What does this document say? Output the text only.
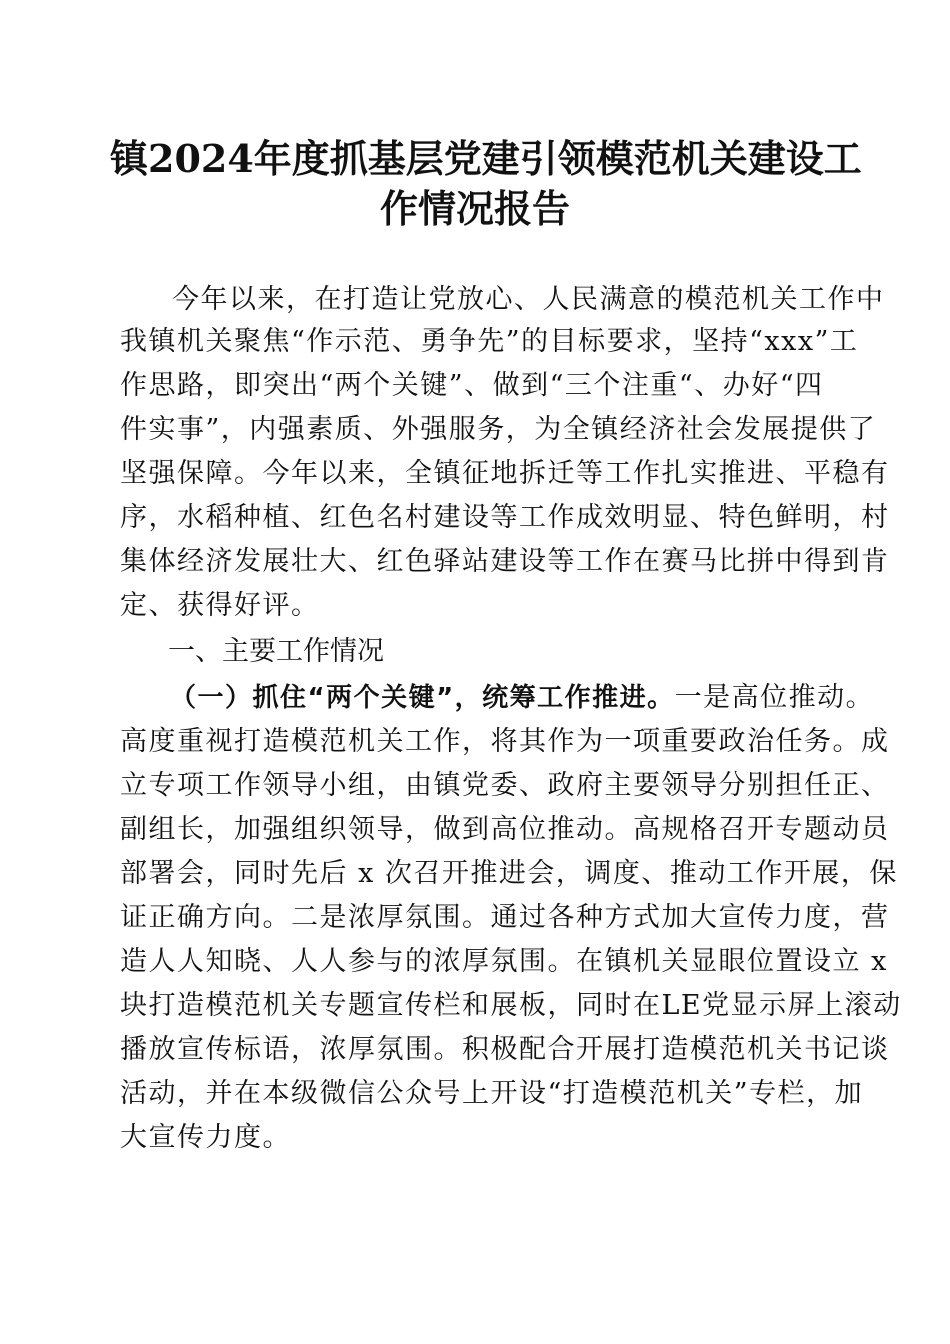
镇2024年度抓基层党建引领模范机关建设工
作情况报告
今年以来，在打造让党放心、人民满意的模范机关工作中
我镇机关聚焦“作示范、勇争先”的目标要求，坚持“xxx”工
作思路，即突出“两个关键”、做到“三个注重“、办好“四
件实事”，内强素质、外强服务，为全镇经济社会发展提供了
坚强保障。今年以来，全镇征地拆迁等工作扎实推进、平稳有
序，水稻种植、红色名村建设等工作成效明显、特色鲜明，村
集体经济发展壮大、红色驿站建设等工作在赛马比拼中得到肯
定、获得好评。
一、主要工作情况
（一）抓住“两个关键”，统筹工作推进。一是高位推动。
高度重视打造模范机关工作，将其作为一项重要政治任务。成
立专项工作领导小组，由镇党委、政府主要领导分别担任正、
副组长，加强组织领导，做到高位推动。高规格召开专题动员
部署会，同时先后 x 次召开推进会，调度、推动工作开展，保
证正确方向。二是浓厚氛围。通过各种方式加大宣传力度，营
造人人知晓、人人参与的浓厚氛围。在镇机关显眼位置设立 x
块打造模范机关专题宣传栏和展板，同时在LE党显示屏上滚动
播放宣传标语，浓厚氛围。积极配合开展打造模范机关书记谈
活动，并在本级微信公众号上开设“打造模范机关”专栏，加
大宣传力度。
